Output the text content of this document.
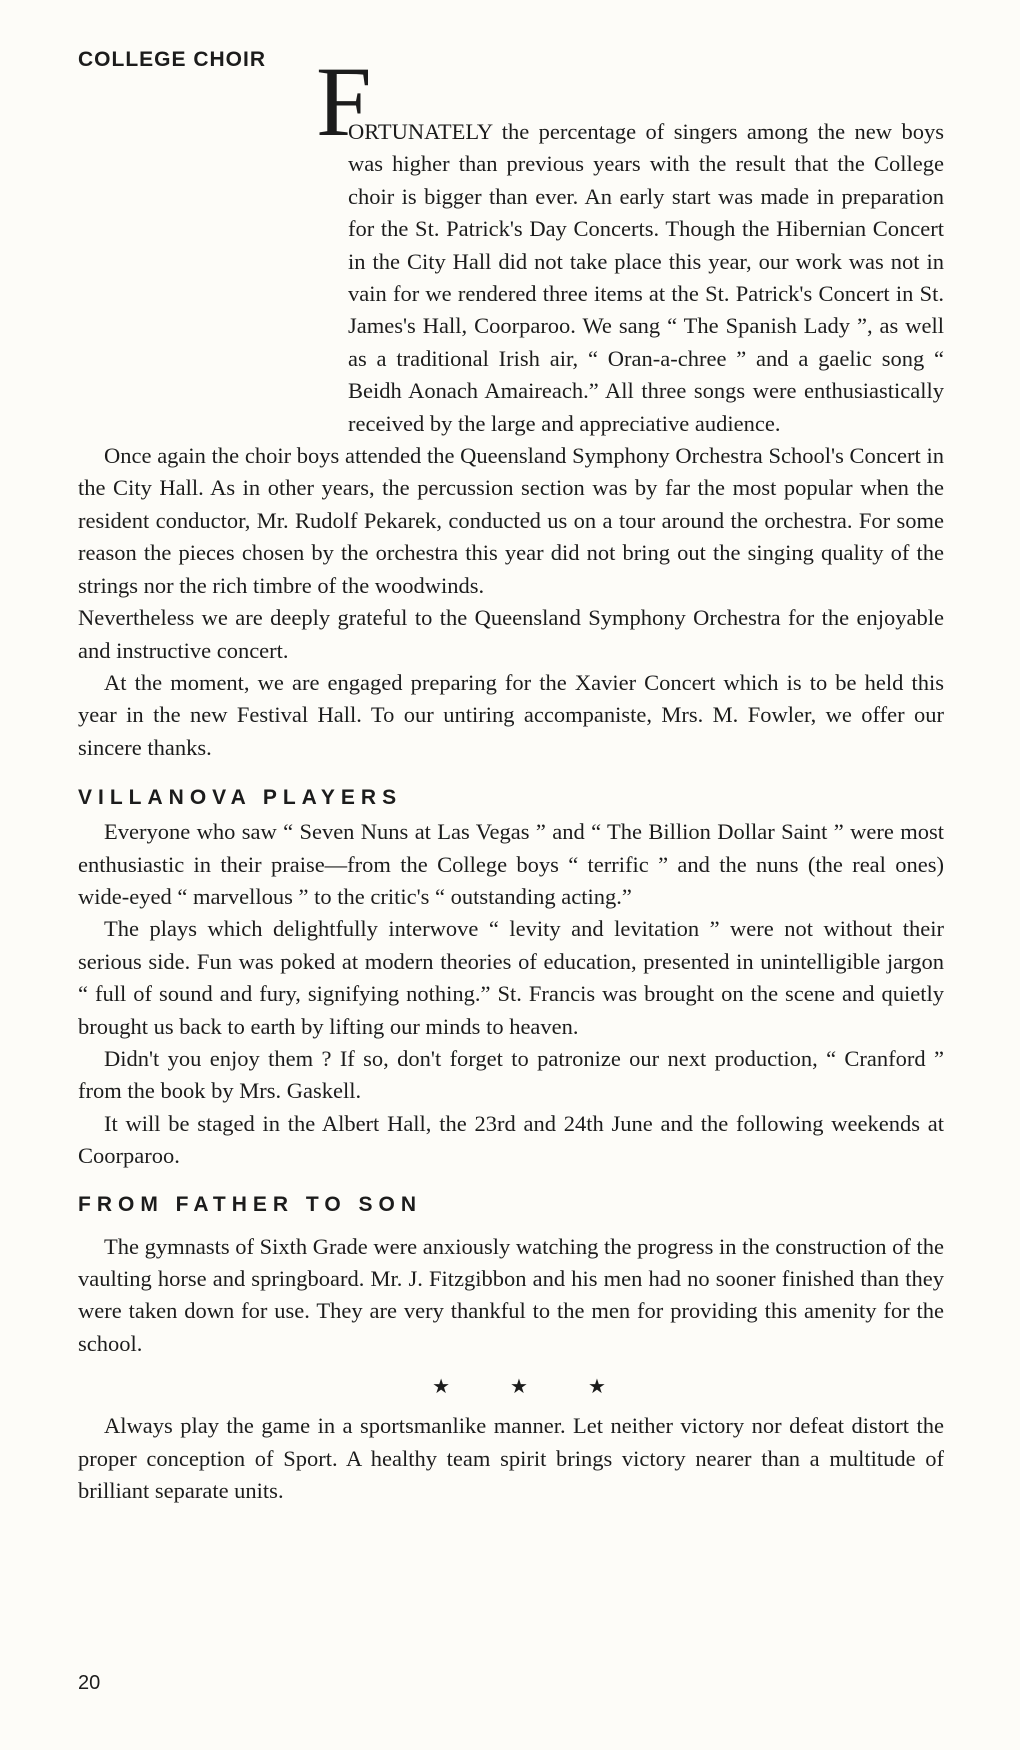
COLLEGE CHOIR F

ORTUNATELY the percentage of singers among the new boys was higher than previous years with the result that the College choir is bigger than ever. An early start was made in preparation for the St. Patrick's Day Concerts. Though the Hibernian Concert in the City Hall did not take place this year, our work was not in vain for we rendered three items at the St. Patrick's Concert in St. James's Hall, Coorparoo. We sang “ The Spanish Lady ”, as well as a traditional Irish air, “ Oran-a-chree ” and a gaelic song “ Beidh Aonach Amaireach.” All three songs were enthusiastically received by the large and appreciative audience.

Once again the choir boys attended the Queensland Symphony Orchestra School's Concert in the City Hall. As in other years, the percussion section was by far the most popular when the resident conductor, Mr. Rudolf Pekarek, conducted us on a tour around the orchestra. For some reason the pieces chosen by the orchestra this year did not bring out the singing quality of the strings nor the rich timbre of the woodwinds.

Nevertheless we are deeply grateful to the Queensland Symphony Orchestra for the enjoyable and instructive concert.

At the moment, we are engaged preparing for the Xavier Concert which is to be held this year in the new Festival Hall. To our untiring accompaniste, Mrs. M. Fowler, we offer our sincere thanks.

VILLANOVA PLAYERS

Everyone who saw “ Seven Nuns at Las Vegas ” and “ The Billion Dollar Saint ” were most enthusiastic in their praise—from the College boys “ terrific ” and the nuns (the real ones) wide-eyed “ marvellous ” to the critic's “ outstanding acting.”

The plays which delightfully interwove “ levity and levitation ” were not without their serious side. Fun was poked at modern theories of education, presented in unintelligible jargon “ full of sound and fury, signifying nothing.” St. Francis was brought on the scene and quietly brought us back to earth by lifting our minds to heaven.

Didn't you enjoy them ? If so, don't forget to patronize our next production, “ Cranford ” from the book by Mrs. Gaskell.

It will be staged in the Albert Hall, the 23rd and 24th June and the following weekends at Coorparoo.

FROM FATHER TO SON

The gymnasts of Sixth Grade were anxiously watching the progress in the construction of the vaulting horse and springboard. Mr. J. Fitzgibbon and his men had no sooner finished than they were taken down for use. They are very thankful to the men for providing this amenity for the school.

★★★

Always play the game in a sportsmanlike manner. Let neither victory nor defeat distort the proper conception of Sport. A healthy team spirit brings victory nearer than a multitude of brilliant separate units.

20
